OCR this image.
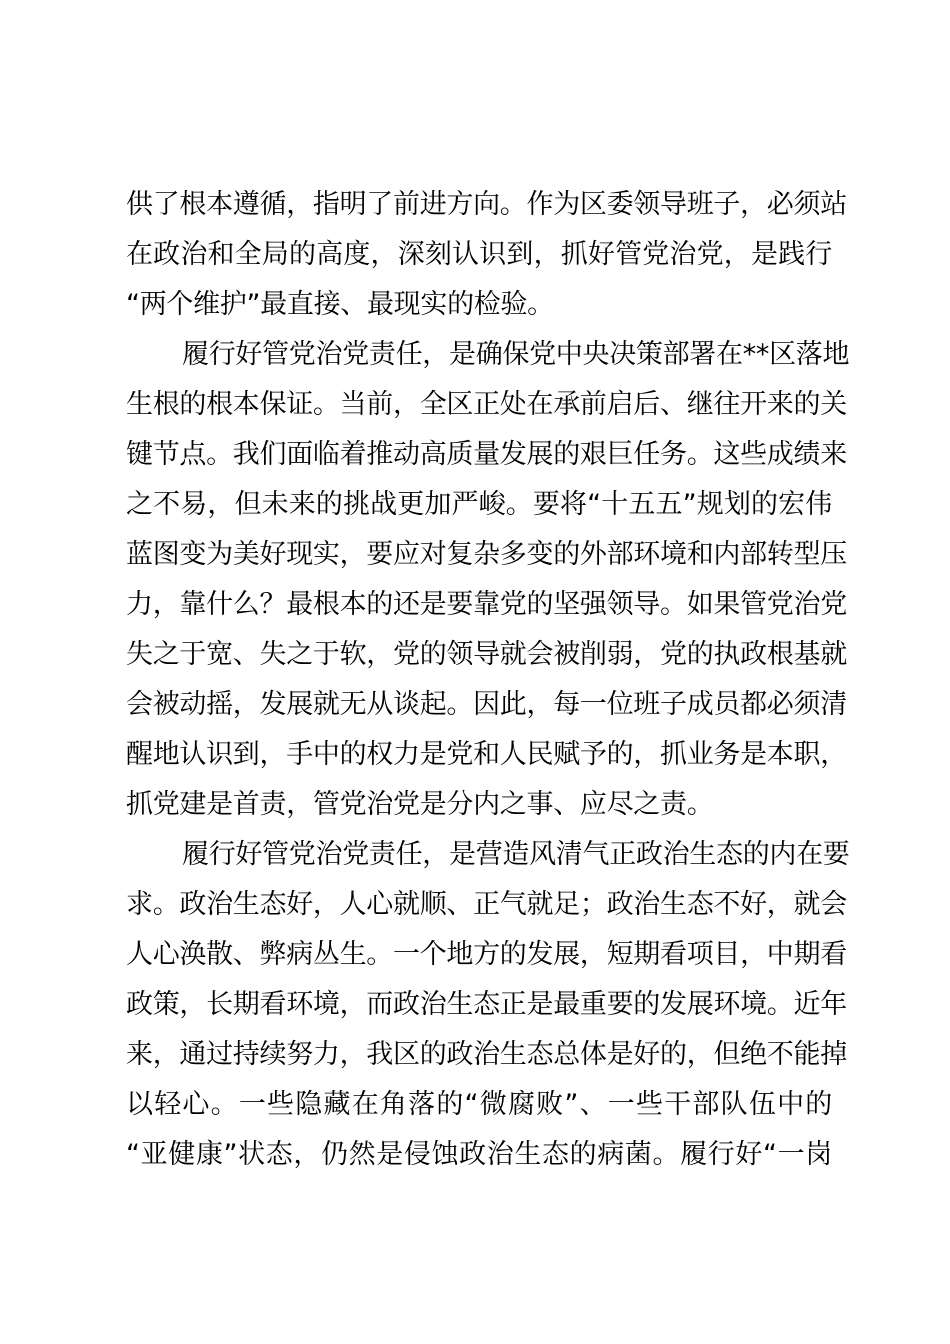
供了根本遵循，指明了前进方向。作为区委领导班子，必须站
在政治和全局的高度，深刻认识到，抓好管党治党，是践行
“两个维护”最直接、最现实的检验。
履行好管党治党责任，是确保党中央决策部署在**区落地
生根的根本保证。当前，全区正处在承前启后、继往开来的关
键节点。我们面临着推动高质量发展的艰巨任务。这些成绩来
之不易，但未来的挑战更加严峻。要将“十五五”规划的宏伟
蓝图变为美好现实，要应对复杂多变的外部环境和内部转型压
力，靠什么？最根本的还是要靠党的坚强领导。如果管党治党
失之于宽、失之于软，党的领导就会被削弱，党的执政根基就
会被动摇，发展就无从谈起。因此，每一位班子成员都必须清
醒地认识到，手中的权力是党和人民赋予的，抓业务是本职，
抓党建是首责，管党治党是分内之事、应尽之责。
履行好管党治党责任，是营造风清气正政治生态的内在要
求。政治生态好，人心就顺、正气就足；政治生态不好，就会
人心涣散、弊病丛生。一个地方的发展，短期看项目，中期看
政策，长期看环境，而政治生态正是最重要的发展环境。近年
来，通过持续努力，我区的政治生态总体是好的，但绝不能掉
以轻心。一些隐藏在角落的“微腐败”、一些干部队伍中的
“亚健康”状态，仍然是侵蚀政治生态的病菌。履行好“一岗
